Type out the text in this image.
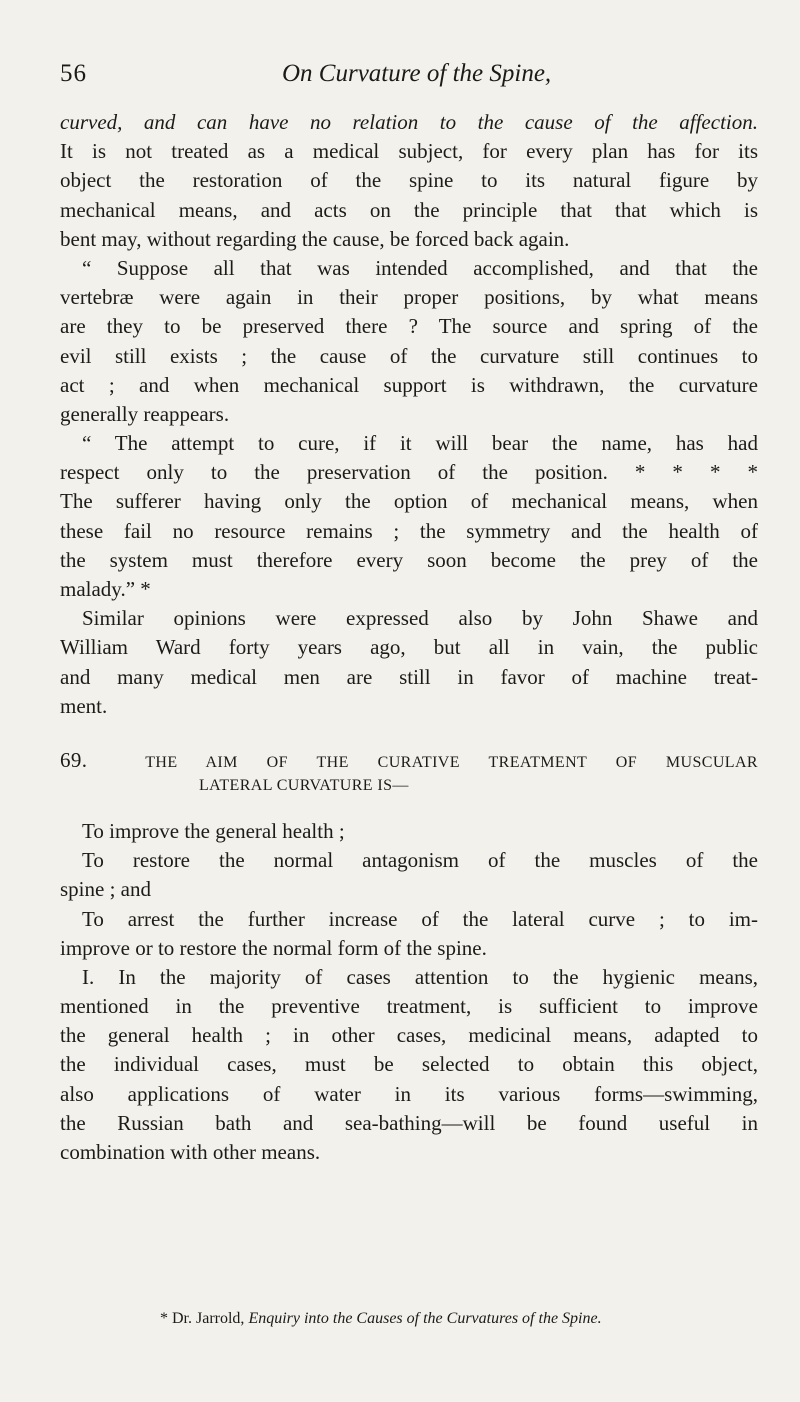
56	On Curvature of the Spine,
curved, and can have no relation to the cause of the affection.
It is not treated as a medical subject, for every plan has for its
object the restoration of the spine to its natural figure by
mechanical means, and acts on the principle that that which is
bent may, without regarding the cause, be forced back again.
“ Suppose all that was intended accomplished, and that the
vertebræ were again in their proper positions, by what means
are they to be preserved there ? The source and spring of the
evil still exists ; the cause of the curvature still continues to
act ; and when mechanical support is withdrawn, the curvature
generally reappears.
“ The attempt to cure, if it will bear the name, has had
respect only to the preservation of the position. * * * *
The sufferer having only the option of mechanical means, when
these fail no resource remains ; the symmetry and the health of
the system must therefore every soon become the prey of the
malady.” *
Similar opinions were expressed also by John Shawe and
William Ward forty years ago, but all in vain, the public
and many medical men are still in favor of machine treat-
ment.
69.	THE AIM OF THE CURATIVE TREATMENT OF MUSCULAR
LATERAL CURVATURE IS—
To improve the general health ;
To restore the normal antagonism of the muscles of the
spine ; and
To arrest the further increase of the lateral curve ; to im-
improve or to restore the normal form of the spine.
I. In the majority of cases attention to the hygienic means,
mentioned in the preventive treatment, is sufficient to improve
the general health ; in other cases, medicinal means, adapted to
the individual cases, must be selected to obtain this object,
also applications of water in its various forms—swimming,
the Russian bath and sea-bathing—will be found useful in
combination with other means.
* Dr. Jarrold, Enquiry into the Causes of the Curvatures of the Spine.
